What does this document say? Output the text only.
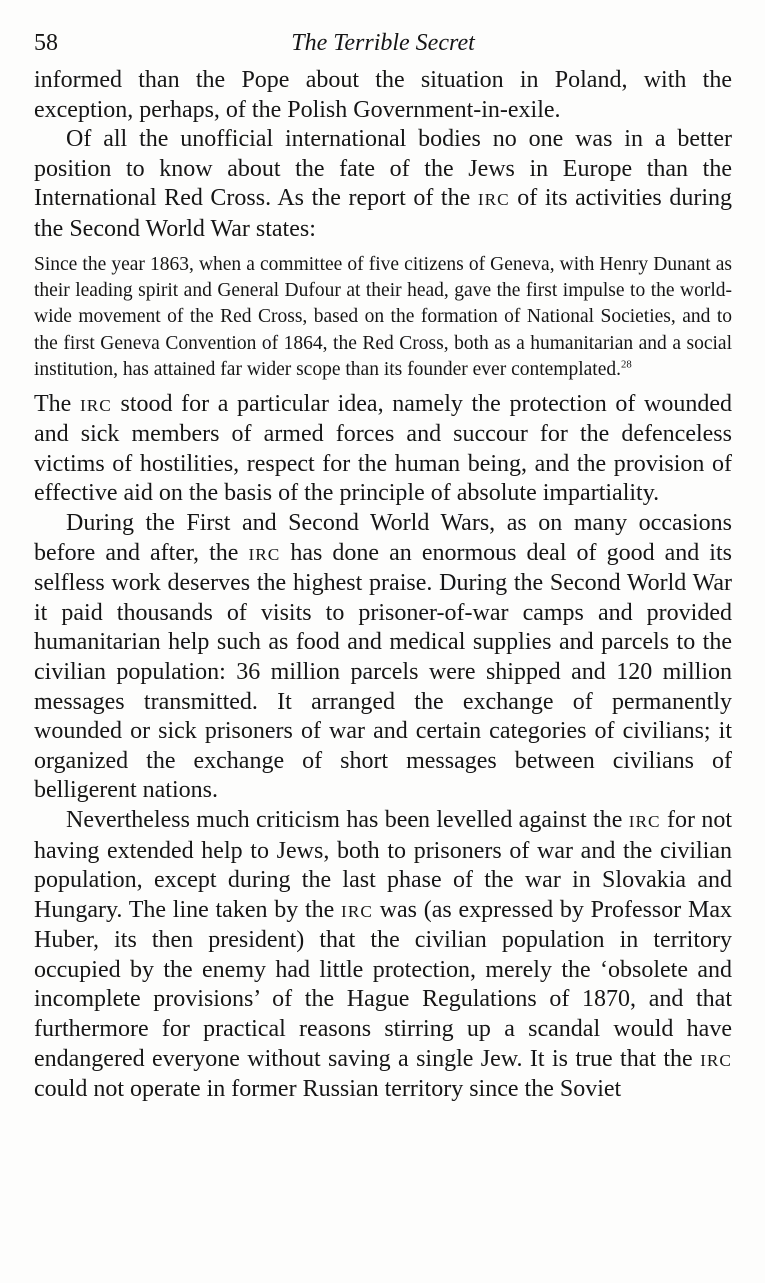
58	The Terrible Secret

informed than the Pope about the situation in Poland, with the exception, perhaps, of the Polish Government-in-exile.

Of all the unofficial international bodies no one was in a better position to know about the fate of the Jews in Europe than the International Red Cross. As the report of the IRC of its activities during the Second World War states:

Since the year 1863, when a committee of five citizens of Geneva, with Henry Dunant as their leading spirit and General Dufour at their head, gave the first impulse to the world-wide movement of the Red Cross, based on the formation of National Societies, and to the first Geneva Convention of 1864, the Red Cross, both as a humanitarian and a social institution, has attained far wider scope than its founder ever contemplated.$^{28}$

The IRC stood for a particular idea, namely the protection of wounded and sick members of armed forces and succour for the defenceless victims of hostilities, respect for the human being, and the provision of effective aid on the basis of the principle of absolute impartiality.

During the First and Second World Wars, as on many occasions before and after, the IRC has done an enormous deal of good and its selfless work deserves the highest praise. During the Second World War it paid thousands of visits to prisoner-of-war camps and provided humanitarian help such as food and medical supplies and parcels to the civilian population: 36 million parcels were shipped and 120 million messages transmitted. It arranged the exchange of permanently wounded or sick prisoners of war and certain categories of civilians; it organized the exchange of short messages between civilians of belligerent nations.

Nevertheless much criticism has been levelled against the IRC for not having extended help to Jews, both to prisoners of war and the civilian population, except during the last phase of the war in Slovakia and Hungary. The line taken by the IRC was (as expressed by Professor Max Huber, its then president) that the civilian population in territory occupied by the enemy had little protection, merely the ‘obsolete and incomplete provisions’ of the Hague Regulations of 1870, and that furthermore for practical reasons stirring up a scandal would have endangered everyone without saving a single Jew. It is true that the IRC could not operate in former Russian territory since the Soviet
